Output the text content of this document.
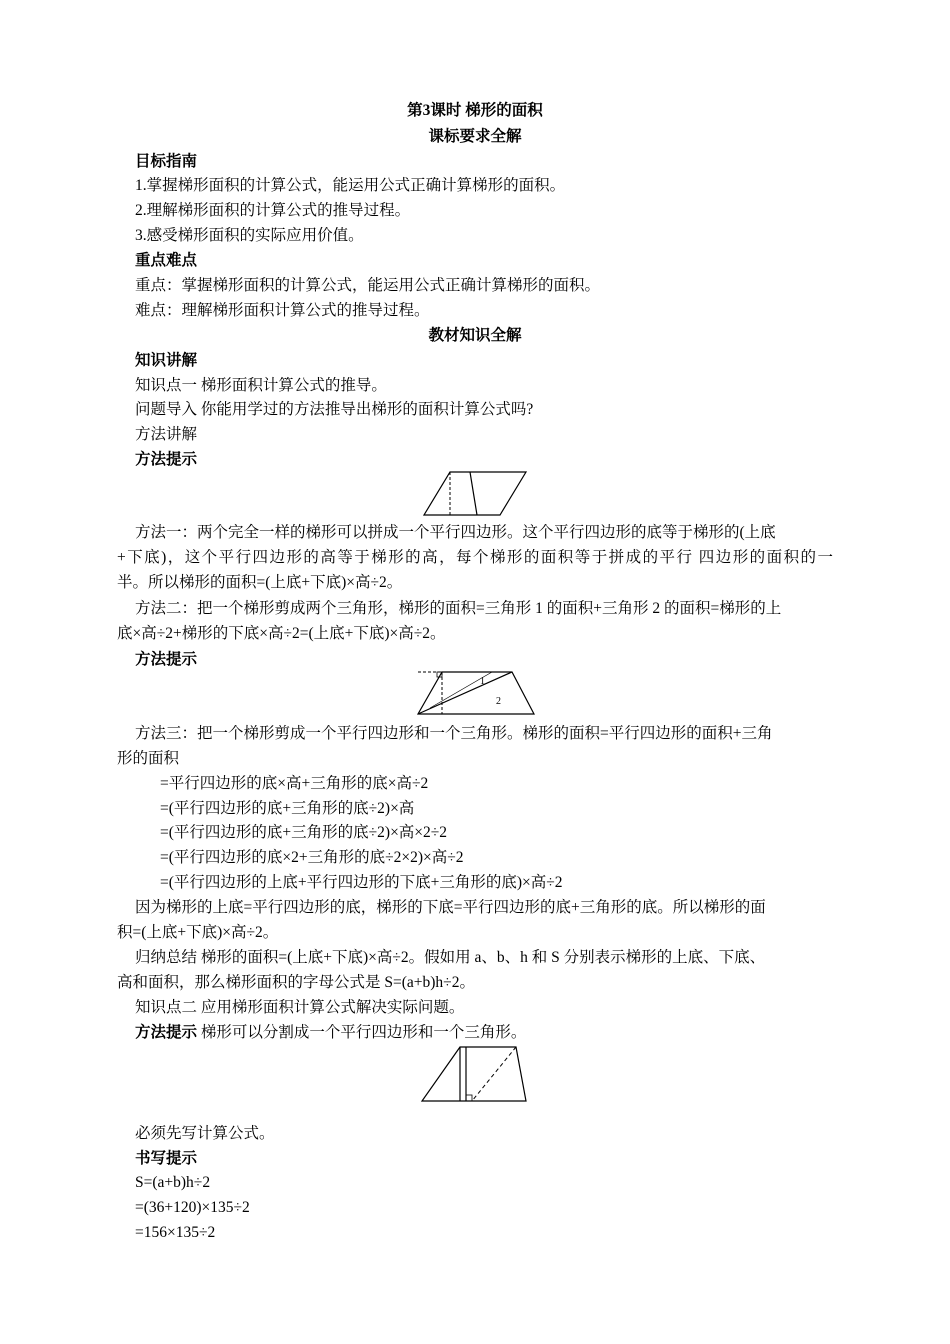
第3课时 梯形的面积
课标要求全解
目标指南
1.掌握梯形面积的计算公式，能运用公式正确计算梯形的面积。
2.理解梯形面积的计算公式的推导过程。
3.感受梯形面积的实际应用价值。
重点难点
重点：掌握梯形面积的计算公式，能运用公式正确计算梯形的面积。
难点：理解梯形面积计算公式的推导过程。
教材知识全解
知识讲解
知识点一 梯形面积计算公式的推导。
问题导入 你能用学过的方法推导出梯形的面积计算公式吗?
方法讲解
方法提示
方法一：两个完全一样的梯形可以拼成一个平行四边形。这个平行四边形的底等于梯形的(上底
+下底)，这个平行四边形的高等于梯形的高，每个梯形的面积等于拼成的平行 四边形的面积的一
半。所以梯形的面积=(上底+下底)×高÷2。
方法二：把一个梯形剪成两个三角形，梯形的面积=三角形 1 的面积+三角形 2 的面积=梯形的上
底×高÷2+梯形的下底×高÷2=(上底+下底)×高÷2。
方法提示
1
2
方法三：把一个梯形剪成一个平行四边形和一个三角形。梯形的面积=平行四边形的面积+三角
形的面积
=平行四边形的底×高+三角形的底×高÷2
=(平行四边形的底+三角形的底÷2)×高
=(平行四边形的底+三角形的底÷2)×高×2÷2
=(平行四边形的底×2+三角形的底÷2×2)×高÷2
=(平行四边形的上底+平行四边形的下底+三角形的底)×高÷2
因为梯形的上底=平行四边形的底，梯形的下底=平行四边形的底+三角形的底。所以梯形的面
积=(上底+下底)×高÷2。
归纳总结 梯形的面积=(上底+下底)×高÷2。假如用 a、b、h 和 S 分别表示梯形的上底、下底、
高和面积，那么梯形面积的字母公式是 S=(a+b)h÷2。
知识点二 应用梯形面积计算公式解决实际问题。
方法提示 梯形可以分割成一个平行四边形和一个三角形。
必须先写计算公式。
书写提示
S=(a+b)h÷2
=(36+120)×135÷2
=156×135÷2
